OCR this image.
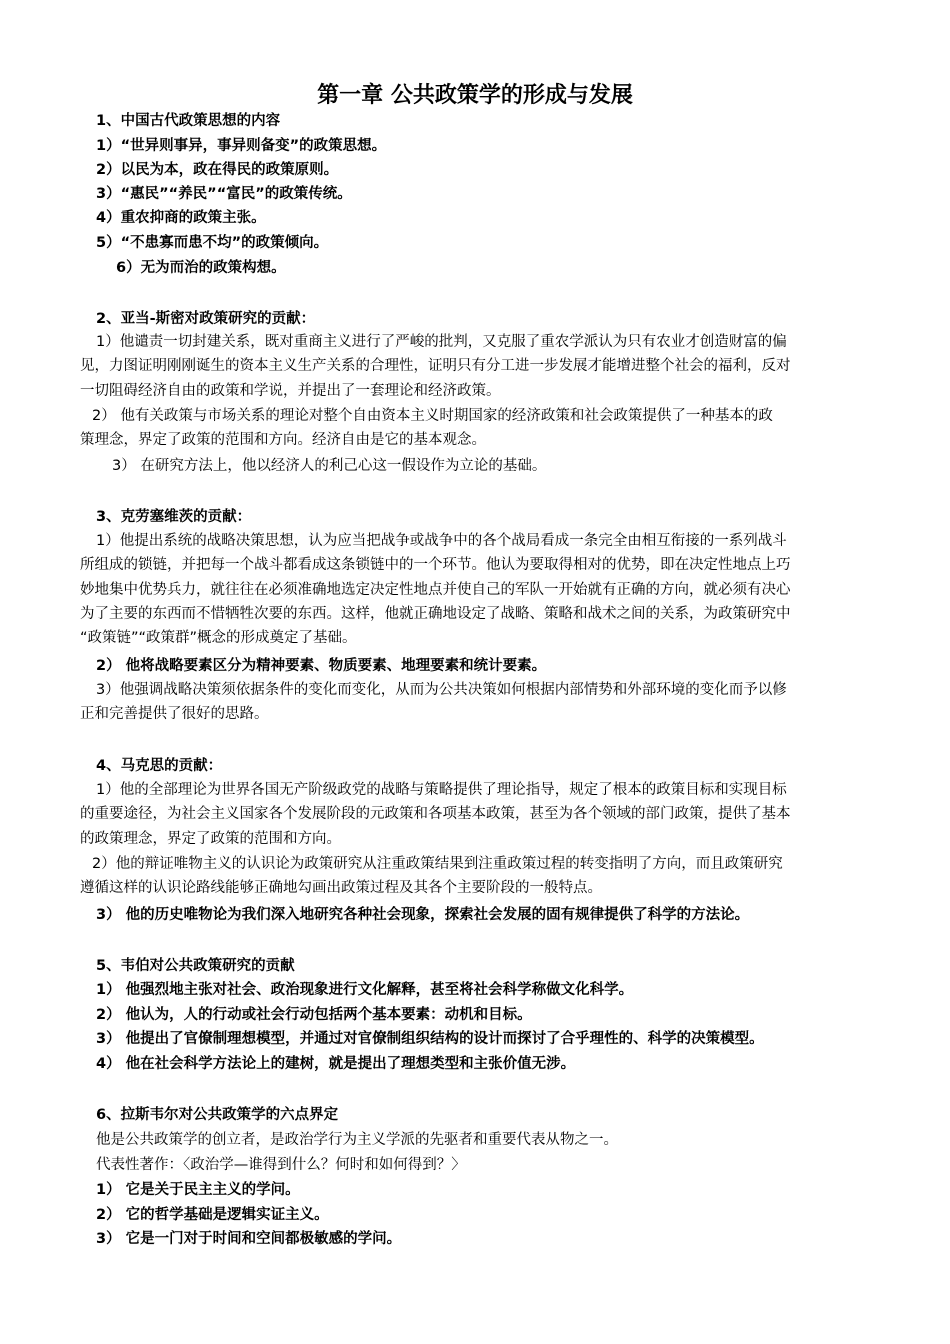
第一章 公共政策学的形成与发展
1、中国古代政策思想的内容
1）“世异则事异，事异则备变”的政策思想。
2）以民为本，政在得民的政策原则。
3）“惠民”“养民”“富民”的政策传统。
4）重农抑商的政策主张。
5）“不患寡而患不均”的政策倾向。
6）无为而治的政策构想。
2、亚当-斯密对政策研究的贡献：
1）他谴责一切封建关系，既对重商主义进行了严峻的批判，又克服了重农学派认为只有农业才创造财富的偏
见，力图证明刚刚诞生的资本主义生产关系的合理性，证明只有分工进一步发展才能增进整个社会的福利，反对
一切阻碍经济自由的政策和学说，并提出了一套理论和经济政策。
2） 他有关政策与市场关系的理论对整个自由资本主义时期国家的经济政策和社会政策提供了一种基本的政
策理念，界定了政策的范围和方向。经济自由是它的基本观念。
3） 在研究方法上，他以经济人的利己心这一假设作为立论的基础。
3、克劳塞维茨的贡献：
1）他提出系统的战略决策思想，认为应当把战争或战争中的各个战局看成一条完全由相互衔接的一系列战斗
所组成的锁链，并把每一个战斗都看成这条锁链中的一个环节。他认为要取得相对的优势，即在决定性地点上巧
妙地集中优势兵力，就往往在必须准确地选定决定性地点并使自己的军队一开始就有正确的方向，就必须有决心
为了主要的东西而不惜牺牲次要的东西。这样，他就正确地设定了战略、策略和战术之间的关系，为政策研究中
“政策链”“政策群”概念的形成奠定了基础。
2） 他将战略要素区分为精神要素、物质要素、地理要素和统计要素。
3）他强调战略决策须依据条件的变化而变化，从而为公共决策如何根据内部情势和外部环境的变化而予以修
正和完善提供了很好的思路。
4、马克思的贡献：
1）他的全部理论为世界各国无产阶级政党的战略与策略提供了理论指导，规定了根本的政策目标和实现目标
的重要途径，为社会主义国家各个发展阶段的元政策和各项基本政策，甚至为各个领域的部门政策，提供了基本
的政策理念，界定了政策的范围和方向。
2）他的辩证唯物主义的认识论为政策研究从注重政策结果到注重政策过程的转变指明了方向，而且政策研究
遵循这样的认识论路线能够正确地勾画出政策过程及其各个主要阶段的一般特点。
3） 他的历史唯物论为我们深入地研究各种社会现象，探索社会发展的固有规律提供了科学的方法论。
5、韦伯对公共政策研究的贡献
1） 他强烈地主张对社会、政治现象进行文化解释，甚至将社会科学称做文化科学。
2） 他认为，人的行动或社会行动包括两个基本要素：动机和目标。
3） 他提出了官僚制理想模型，并通过对官僚制组织结构的设计而探讨了合乎理性的、科学的决策模型。
4） 他在社会科学方法论上的建树，就是提出了理想类型和主张价值无涉。
6、拉斯韦尔对公共政策学的六点界定
他是公共政策学的创立者，是政治学行为主义学派的先驱者和重要代表从物之一。
代表性著作：〈政治学—谁得到什么？何时和如何得到？〉
1） 它是关于民主主义的学问。
2） 它的哲学基础是逻辑实证主义。
3） 它是一门对于时间和空间都极敏感的学问。
